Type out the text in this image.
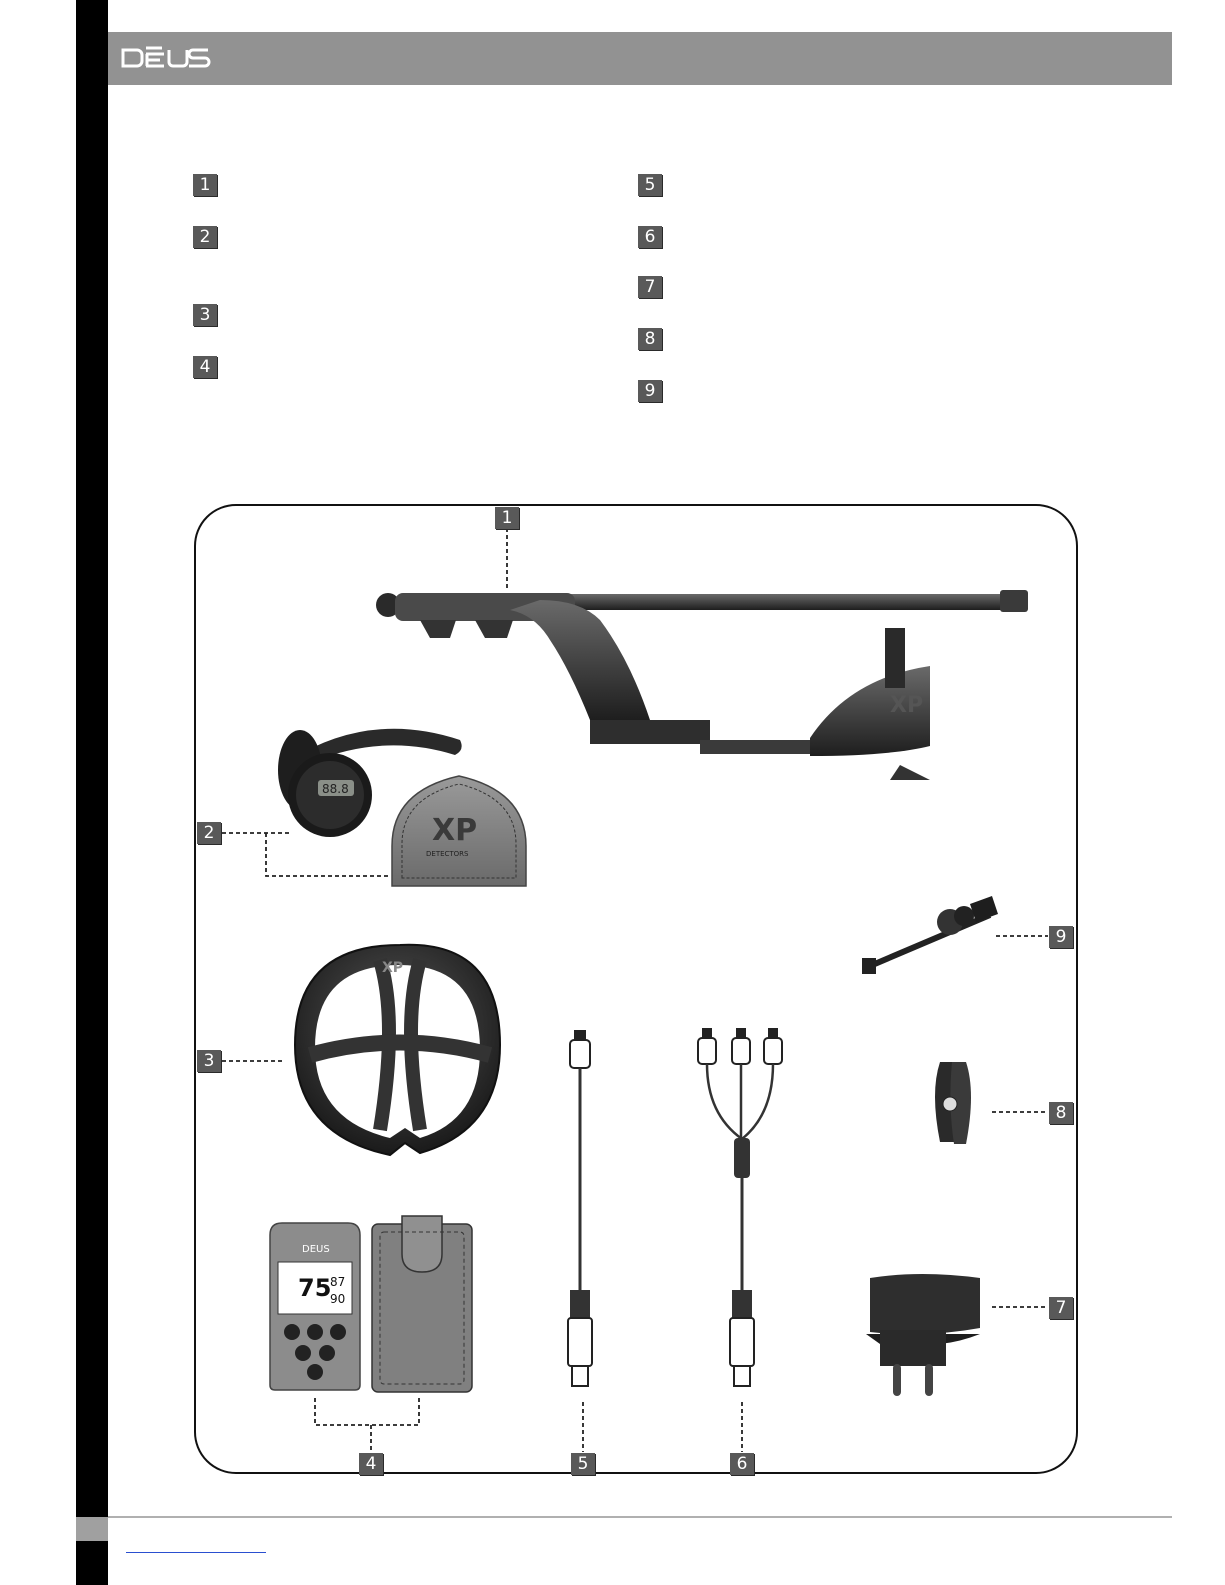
1
2
3
4
5
6
7
8
9
XP
88.8
XP
DETECTORS
XP
DEUS
75
87
90
1
2
3
4	5	6
7
8
9
